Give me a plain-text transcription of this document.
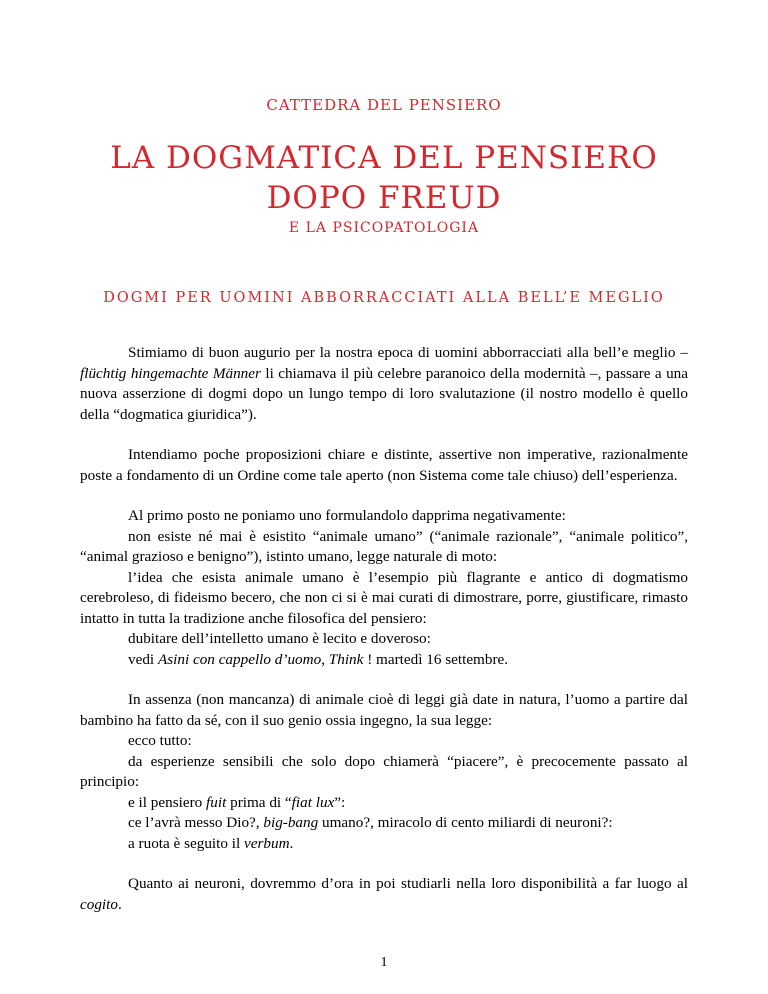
CATTEDRA DEL PENSIERO
LA DOGMATICA DEL PENSIERO
DOPO FREUD
E LA PSICOPATOLOGIA
DOGMI PER UOMINI ABBORRACCIATI ALLA BELL’E MEGLIO

Stimiamo di buon augurio per la nostra epoca di uomini abborracciati alla bell’e meglio – flüchtig hingemachte Männer li chiamava il più celebre paranoico della modernità –, passare a una nuova asserzione di dogmi dopo un lungo tempo di loro svalutazione (il nostro modello è quello della “dogmatica giuridica”).

Intendiamo poche proposizioni chiare e distinte, assertive non imperative, razionalmente poste a fondamento di un Ordine come tale aperto (non Sistema come tale chiuso) dell’esperienza.

Al primo posto ne poniamo uno formulandolo dapprima negativamente:

non esiste né mai è esistito “animale umano” (“animale razionale”, “animale politico”, “animal grazioso e benigno”), istinto umano, legge naturale di moto:

l’idea che esista animale umano è l’esempio più flagrante e antico di dogmatismo cerebroleso, di fideismo becero, che non ci si è mai curati di dimostrare, porre, giustificare, rimasto intatto in tutta la tradizione anche filosofica del pensiero:

dubitare dell’intelletto umano è lecito e doveroso:

vedi Asini con cappello d’uomo, Think ! martedì 16 settembre.

In assenza (non mancanza) di animale cioè di leggi già date in natura, l’uomo a partire dal bambino ha fatto da sé, con il suo genio ossia ingegno, la sua legge:

ecco tutto:

da esperienze sensibili che solo dopo chiamerà “piacere”, è precocemente passato al principio:

e il pensiero fuit prima di “fiat lux”:

ce l’avrà messo Dio?, big-bang umano?, miracolo di cento miliardi di neuroni?:

a ruota è seguito il verbum.

Quanto ai neuroni, dovremmo d’ora in poi studiarli nella loro disponibilità a far luogo al cogito.

1
